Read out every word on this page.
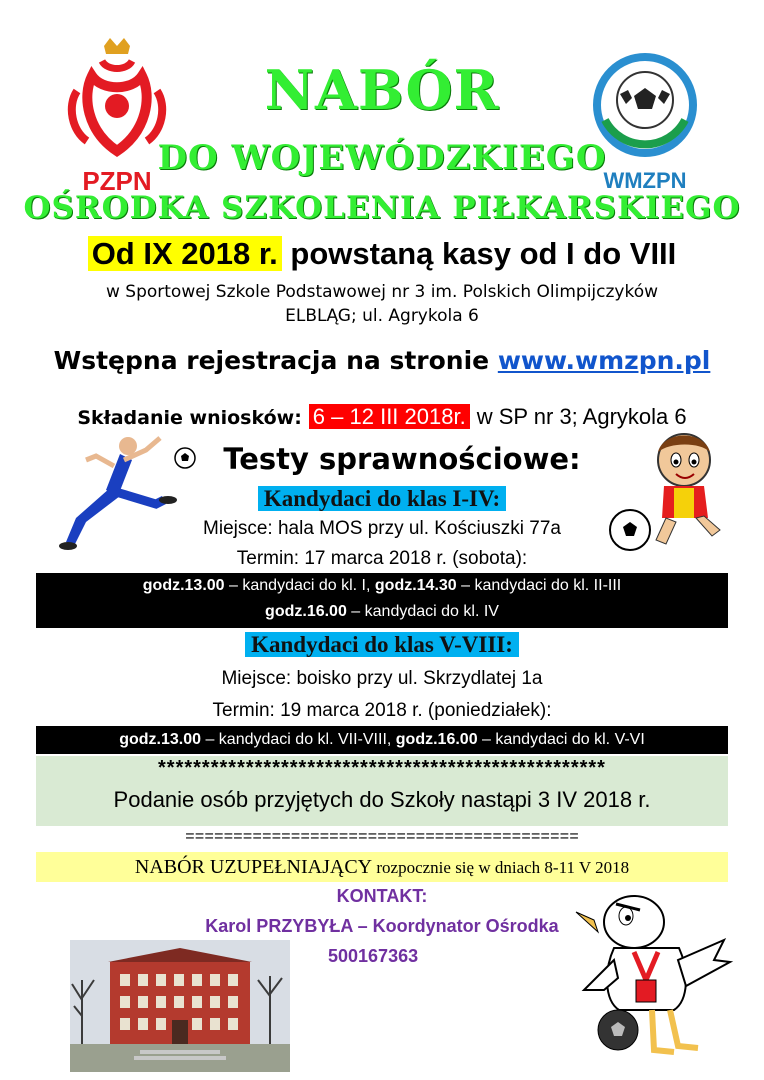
PZPN	WMZPN
NABÓR
DO WOJEWÓDZKIEGO
OŚRODKA SZKOLENIA PIŁKARSKIEGO
Od IX 2018 r. powstaną kasy od I do VIII
w Sportowej Szkole Podstawowej nr 3 im. Polskich Olimpijczyków
ELBLĄG; ul. Agrykola 6
Wstępna rejestracja na stronie www.wmzpn.pl
Składanie wniosków: 6 – 12 III 2018r. w SP nr 3; Agrykola 6
Testy sprawnościowe:
Kandydaci do klas I-IV:
Miejsce: hala MOS przy ul. Kościuszki 77a
Termin: 17 marca 2018 r. (sobota):
godz.13.00 – kandydaci do kl. I, godz.14.30 – kandydaci do kl. II-III
godz.16.00 – kandydaci do kl. IV
Kandydaci do klas V-VIII:
Miejsce: boisko przy ul. Skrzydlatej 1a
Termin: 19 marca 2018 r. (poniedziałek):
godz.13.00 – kandydaci do kl. VII-VIII, godz.16.00 – kandydaci do kl. V-VI
***************************************************
Podanie osób przyjętych do Szkoły nastąpi 3 IV 2018 r.
=========================================
NABÓR UZUPEŁNIAJĄCY rozpocznie się w dniach 8-11 V 2018
KONTAKT:
Karol PRZYBYŁA – Koordynator Ośrodka
500167363
